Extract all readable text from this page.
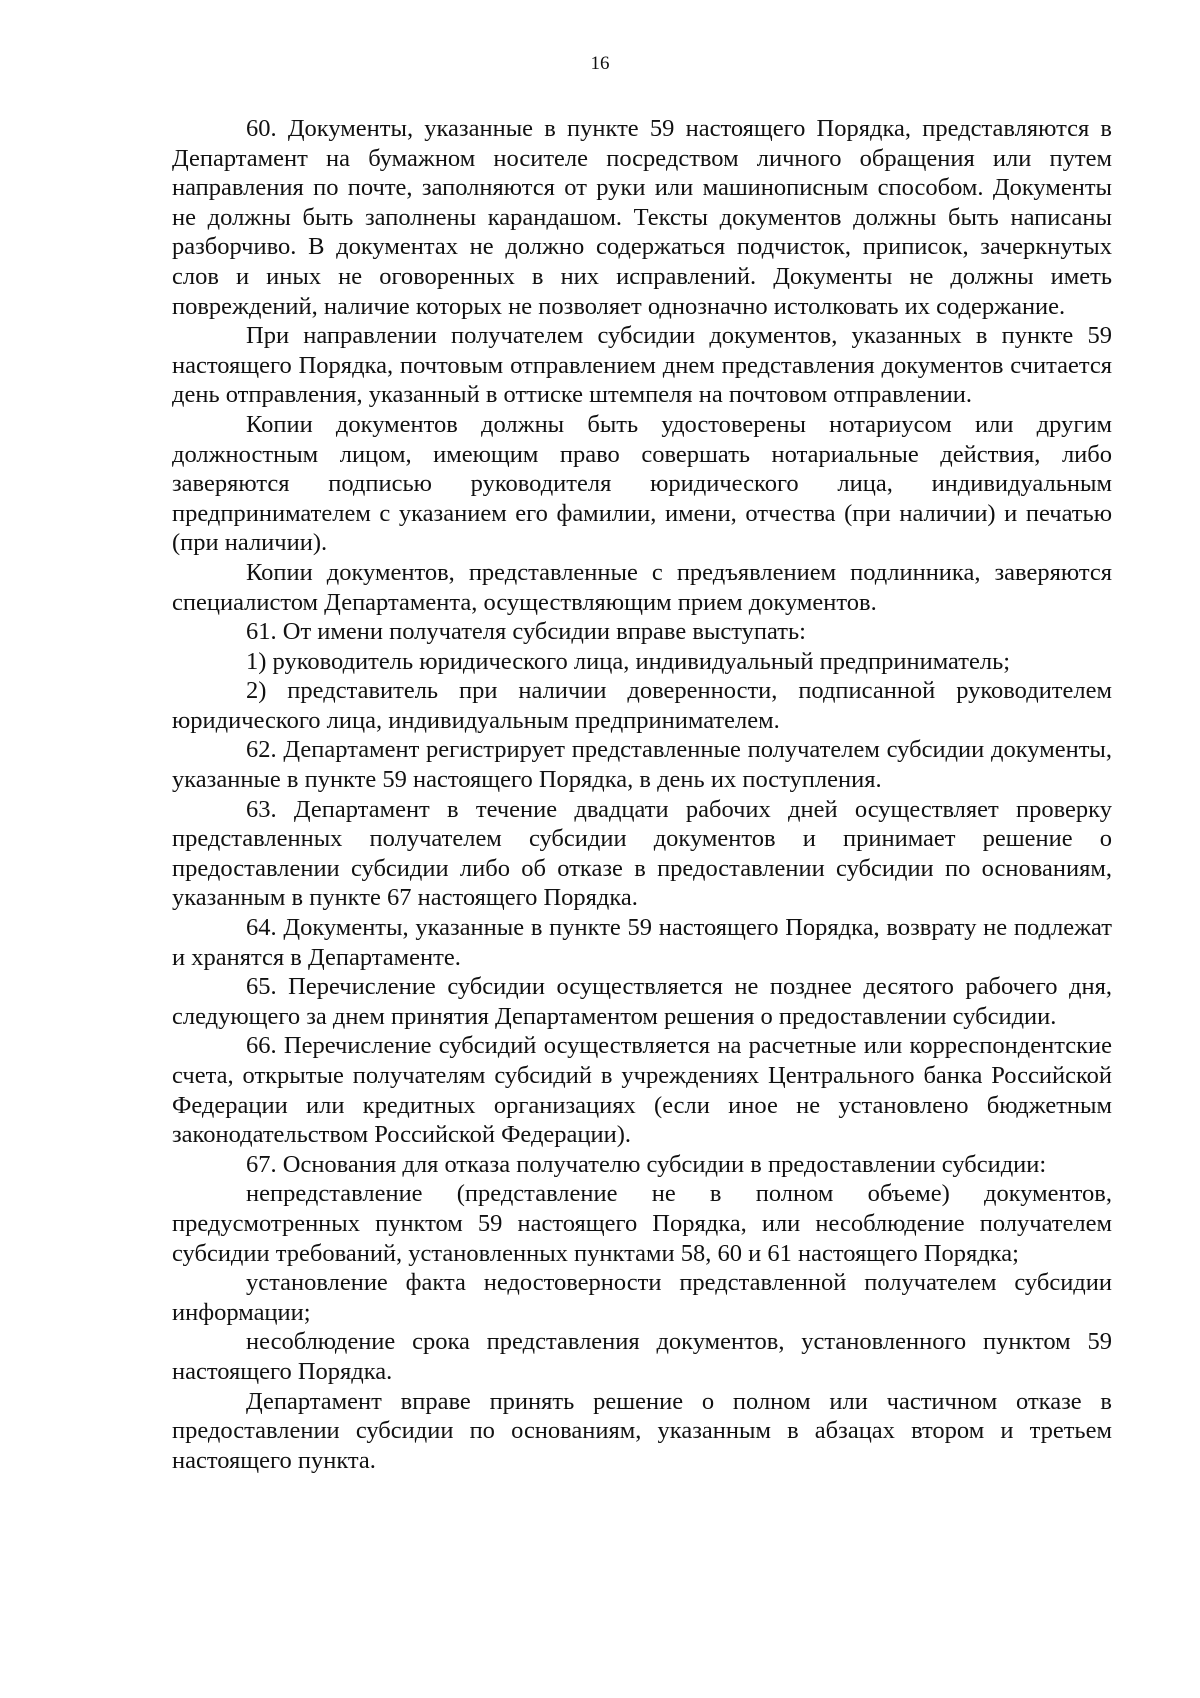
16

60. Документы, указанные в пункте 59 настоящего Порядка, представляются в Департамент на бумажном носителе посредством личного обращения или путем направления по почте, заполняются от руки или машинописным способом. Документы не должны быть заполнены карандашом. Тексты документов должны быть написаны разборчиво. В документах не должно содержаться подчисток, приписок, зачеркнутых слов и иных не оговоренных в них исправлений. Документы не должны иметь повреждений, наличие которых не позволяет однозначно истолковать их содержание.

При направлении получателем субсидии документов, указанных в пункте 59 настоящего Порядка, почтовым отправлением днем представления документов считается день отправления, указанный в оттиске штемпеля на почтовом отправлении.

Копии документов должны быть удостоверены нотариусом или другим должностным лицом, имеющим право совершать нотариальные действия, либо заверяются подписью руководителя юридического лица, индивидуальным предпринимателем с указанием его фамилии, имени, отчества (при наличии) и печатью (при наличии).

Копии документов, представленные с предъявлением подлинника, заверяются специалистом Департамента, осуществляющим прием документов.

61. От имени получателя субсидии вправе выступать:

1) руководитель юридического лица, индивидуальный предприниматель;

2) представитель при наличии доверенности, подписанной руководителем юридического лица, индивидуальным предпринимателем.

62. Департамент регистрирует представленные получателем субсидии документы, указанные в пункте 59 настоящего Порядка, в день их поступления.

63. Департамент в течение двадцати рабочих дней осуществляет проверку представленных получателем субсидии документов и принимает решение о предоставлении субсидии либо об отказе в предоставлении субсидии по основаниям, указанным в пункте 67 настоящего Порядка.

64. Документы, указанные в пункте 59 настоящего Порядка, возврату не подлежат и хранятся в Департаменте.

65. Перечисление субсидии осуществляется не позднее десятого рабочего дня, следующего за днем принятия Департаментом решения о предоставлении субсидии.

66. Перечисление субсидий осуществляется на расчетные или корреспондентские счета, открытые получателям субсидий в учреждениях Центрального банка Российской Федерации или кредитных организациях (если иное не установлено бюджетным законодательством Российской Федерации).

67. Основания для отказа получателю субсидии в предоставлении субсидии:

непредставление (представление не в полном объеме) документов, предусмотренных пунктом 59 настоящего Порядка, или несоблюдение получателем субсидии требований, установленных пунктами 58, 60 и 61 настоящего Порядка;

установление факта недостоверности представленной получателем субсидии информации;

несоблюдение срока представления документов, установленного пунктом 59 настоящего Порядка.

Департамент вправе принять решение о полном или частичном отказе в предоставлении субсидии по основаниям, указанным в абзацах втором и третьем настоящего пункта.
